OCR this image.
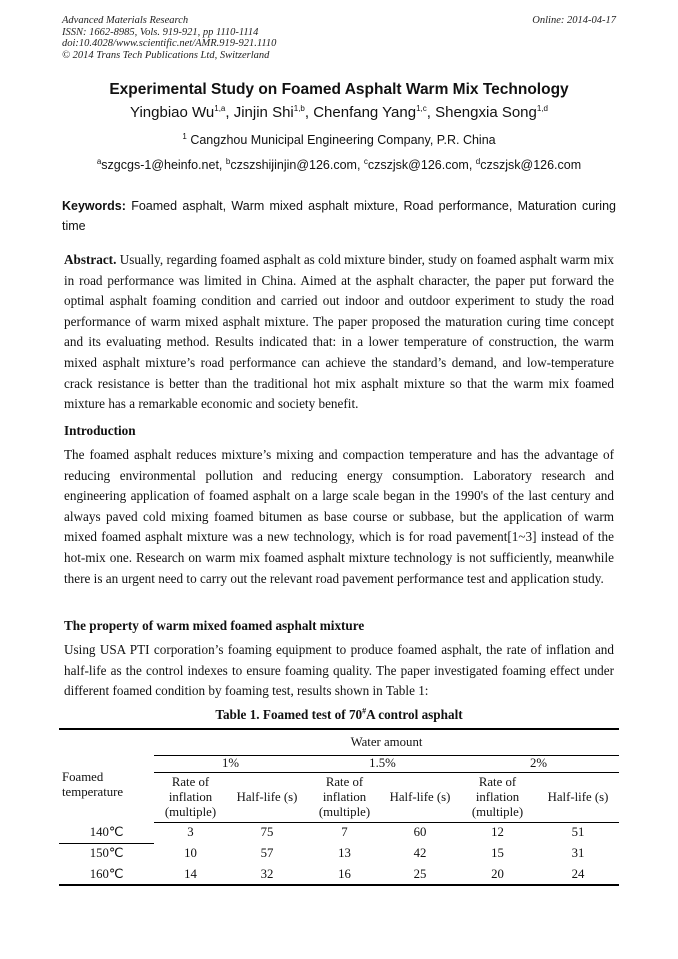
Advanced Materials Research
ISSN: 1662-8985, Vols. 919-921, pp 1110-1114
doi:10.4028/www.scientific.net/AMR.919-921.1110
© 2014 Trans Tech Publications Ltd, Switzerland
Online: 2014-04-17
Experimental Study on Foamed Asphalt Warm Mix Technology
Yingbiao Wu$^{1,a}$, Jinjin Shi$^{1,b}$, Chenfang Yang$^{1,c}$, Shengxia Song$^{1,d}$
$^1$ Cangzhou Municipal Engineering Company, P.R. China
$^a$szgcgs-1@heinfo.net, $^b$czszshijinjin@126.com, $^c$czszjsk@126.com, $^d$czszjsk@126.com
Keywords: Foamed asphalt, Warm mixed asphalt mixture, Road performance, Maturation curing time
Abstract. Usually, regarding foamed asphalt as cold mixture binder, study on foamed asphalt warm mix in road performance was limited in China. Aimed at the asphalt character, the paper put forward the optimal asphalt foaming condition and carried out indoor and outdoor experiment to study the road performance of warm mixed asphalt mixture. The paper proposed the maturation curing time concept and its evaluating method. Results indicated that: in a lower temperature of construction, the warm mixed asphalt mixture’s road performance can achieve the standard’s demand, and low-temperature crack resistance is better than the traditional hot mix asphalt mixture so that the warm mix foamed mixture has a remarkable economic and society benefit.
Introduction
The foamed asphalt reduces mixture’s mixing and compaction temperature and has the advantage of reducing environmental pollution and reducing energy consumption. Laboratory research and engineering application of foamed asphalt on a large scale began in the 1990's of the last century and always paved cold mixing foamed bitumen as base course or subbase, but the application of warm mixed foamed asphalt mixture was a new technology, which is for road pavement[1~3] instead of the hot-mix one. Research on warm mix foamed asphalt mixture technology is not sufficiently, meanwhile there is an urgent need to carry out the relevant road pavement performance test and application study.
The property of warm mixed foamed asphalt mixture
Using USA PTI corporation’s foaming equipment to produce foamed asphalt, the rate of inflation and half-life as the control indexes to ensure foaming quality. The paper investigated foaming effect under different foamed condition by foaming test, results shown in Table 1:
Table 1. Foamed test of 70#A control asphalt
Foamed temperature	Water amount					
	1%		1.5%		2%	
	Rate of inflation (multiple)	Half-life (s)	Rate of inflation (multiple)	Half-life (s)	Rate of inflation (multiple)	Half-life (s)
140℃	3	75	7	60	12	51
150℃	10	57	13	42	15	31
160℃	14	32	16	25	20	24
